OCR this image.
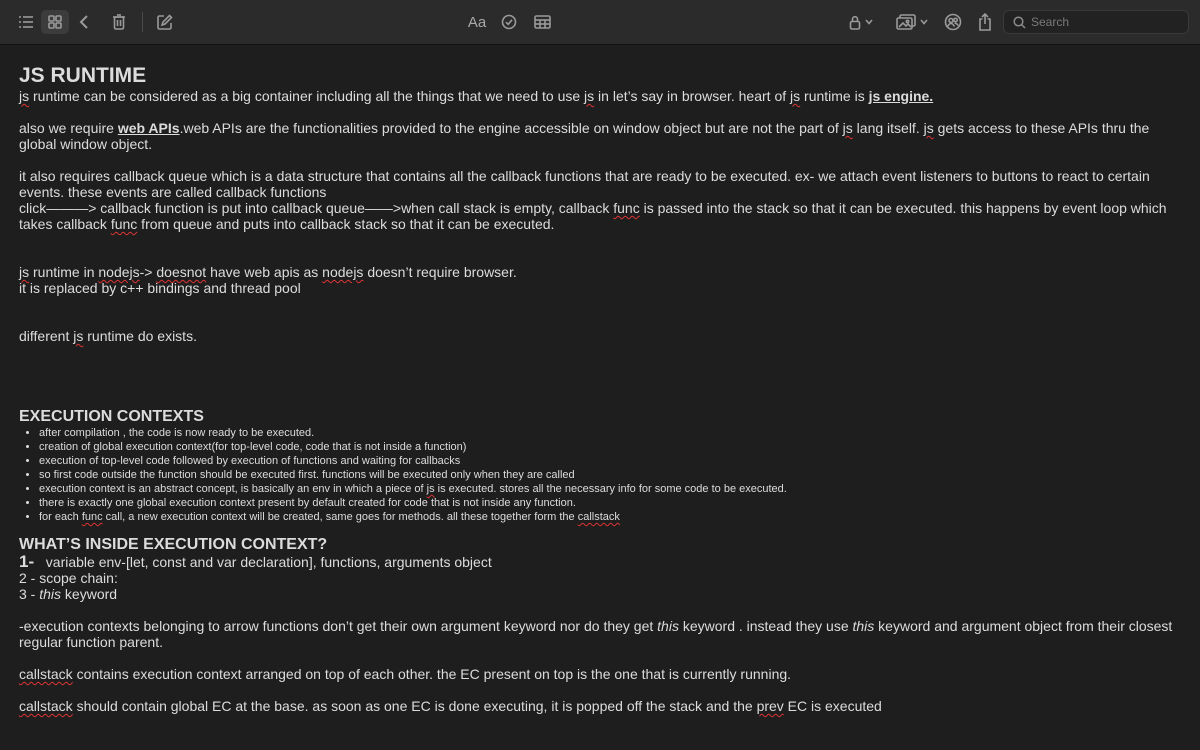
Aa
Search

JS RUNTIME

js runtime can be considered as a big container including all the things that we need to use js in let’s say in browser. heart of js runtime is js engine.

also we require web APIs.web APIs are the functionalities provided to the engine accessible on window object but are not the part of js lang itself. js gets access to these APIs thru the global window object.

it also requires callback queue which is a data structure that contains all the callback functions that are ready to be executed. ex- we attach event listeners to buttons to react to certain events. these events are called callback functions

click———> callback function is put into callback queue——>when call stack is empty, callback func is passed into the stack so that it can be executed. this happens by event loop which takes callback func from queue and puts into callback stack so that it can be executed.

js runtime in nodejs-> doesnot have web apis as nodejs doesn’t require browser.

it is replaced by c++ bindings and thread pool

different js runtime do exists.

EXECUTION CONTEXTS

• after compilation , the code is now ready to be executed.
• creation of global execution context(for top-level code, code that is not inside a function)
• execution of top-level code followed by execution of functions and waiting for callbacks
• so first code outside the function should be executed first. functions will be executed only when they are called
• execution context is an abstract concept, is basically an env in which a piece of js is executed. stores all the necessary info for some code to be executed.
• there is exactly one global execution context present by default created for code that is not inside any function.
• for each func call, a new execution context will be created, same goes for methods. all these together form the callstack

WHAT’S INSIDE EXECUTION CONTEXT?

1-   variable env-[let, const and var declaration], functions, arguments object

2 - scope chain:

3 - this keyword

-execution contexts belonging to arrow functions don’t get their own argument keyword nor do they get this keyword . instead they use this keyword and argument object from their closest regular function parent.

callstack contains execution context arranged on top of each other. the EC present on top is the one that is currently running.

callstack should contain global EC at the base. as soon as one EC is done executing, it is popped off the stack and the prev EC is executed
